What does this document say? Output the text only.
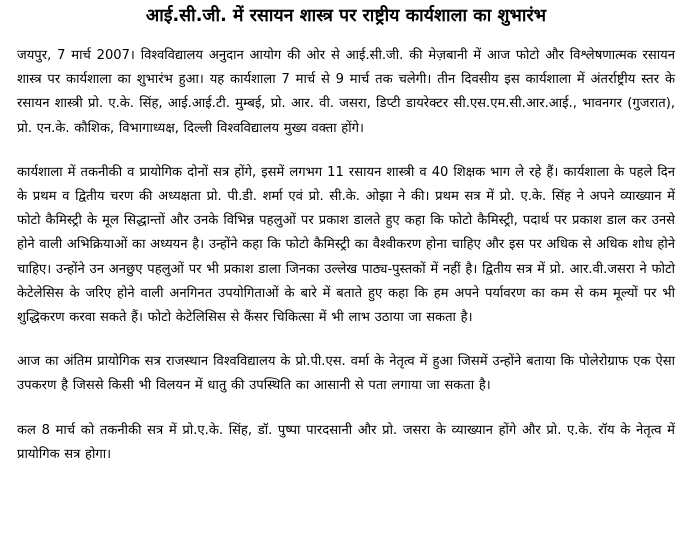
आई.सी.जी. में रसायन शास्त्र पर राष्ट्रीय कार्यशाला का शुभारंभ

जयपुर, 7 मार्च 2007। विश्वविद्यालय अनुदान आयोग की ओर से आई.सी.जी. की मेज़बानी में आज फोटो और विश्लेषणात्मक रसायन शास्त्र पर कार्यशाला का शुभारंभ हुआ। यह कार्यशाला 7 मार्च से 9 मार्च तक चलेगी। तीन दिवसीय इस कार्यशाला में अंतर्राष्ट्रीय स्तर के रसायन शास्त्री प्रो. ए.के. सिंह, आई.आई.टी. मुम्बई, प्रो. आर. वी. जसरा, डिप्टी डायरेक्टर सी.एस.एम.सी.आर.आई., भावनगर (गुजरात), प्रो. एन.के. कौशिक, विभागाध्यक्ष, दिल्ली विश्वविद्यालय मुख्य वक्ता होंगे।

कार्यशाला में तकनीकी व प्रायोगिक दोनों सत्र होंगे, इसमें लगभग 11 रसायन शास्त्री व 40 शिक्षक भाग ले रहे हैं। कार्यशाला के पहले दिन के प्रथम व द्वितीय चरण की अध्यक्षता प्रो. पी.डी. शर्मा एवं प्रो. सी.के. ओझा ने की। प्रथम सत्र में प्रो. ए.के. सिंह ने अपने व्याख्यान में फोटो कैमिस्ट्री के मूल सिद्धान्तों और उनके विभिन्न पहलुओं पर प्रकाश डालते हुए कहा कि फोटो कैमिस्ट्री, पदार्थ पर प्रकाश डाल कर उनसे होने वाली अभिक्रियाओं का अध्ययन है। उन्होंने कहा कि फोटो कैमिस्ट्री का वैश्वीकरण होना चाहिए और इस पर अधिक से अधिक शोध होने चाहिए। उन्होंने उन अनछुए पहलुओं पर भी प्रकाश डाला जिनका उल्लेख पाठ्य-पुस्तकों में नहीं है। द्वितीय सत्र में प्रो. आर.वी.जसरा ने फोटो केटेलेसिस के जरिए होने वाली अनगिनत उपयोगिताओं के बारे में बताते हुए कहा कि हम अपने पर्यावरण का कम से कम मूल्यों पर भी शुद्धिकरण करवा सकते हैं। फोटो केटेलिसिस से कैंसर चिकित्सा में भी लाभ उठाया जा सकता है।

आज का अंतिम प्रायोगिक सत्र राजस्थान विश्वविद्यालय के प्रो.पी.एस. वर्मा के नेतृत्व में हुआ जिसमें उन्होंने बताया कि पोलेरोग्राफ एक ऐसा उपकरण है जिससे किसी भी विलयन में धातु की उपस्थिति का आसानी से पता लगाया जा सकता है।

कल 8 मार्च को तकनीकी सत्र में प्रो.ए.के. सिंह, डॉ. पुष्पा पारदसानी और प्रो. जसरा के व्याख्यान होंगे और प्रो. ए.के. रॉय के नेतृत्व में प्रायोगिक सत्र होगा।
